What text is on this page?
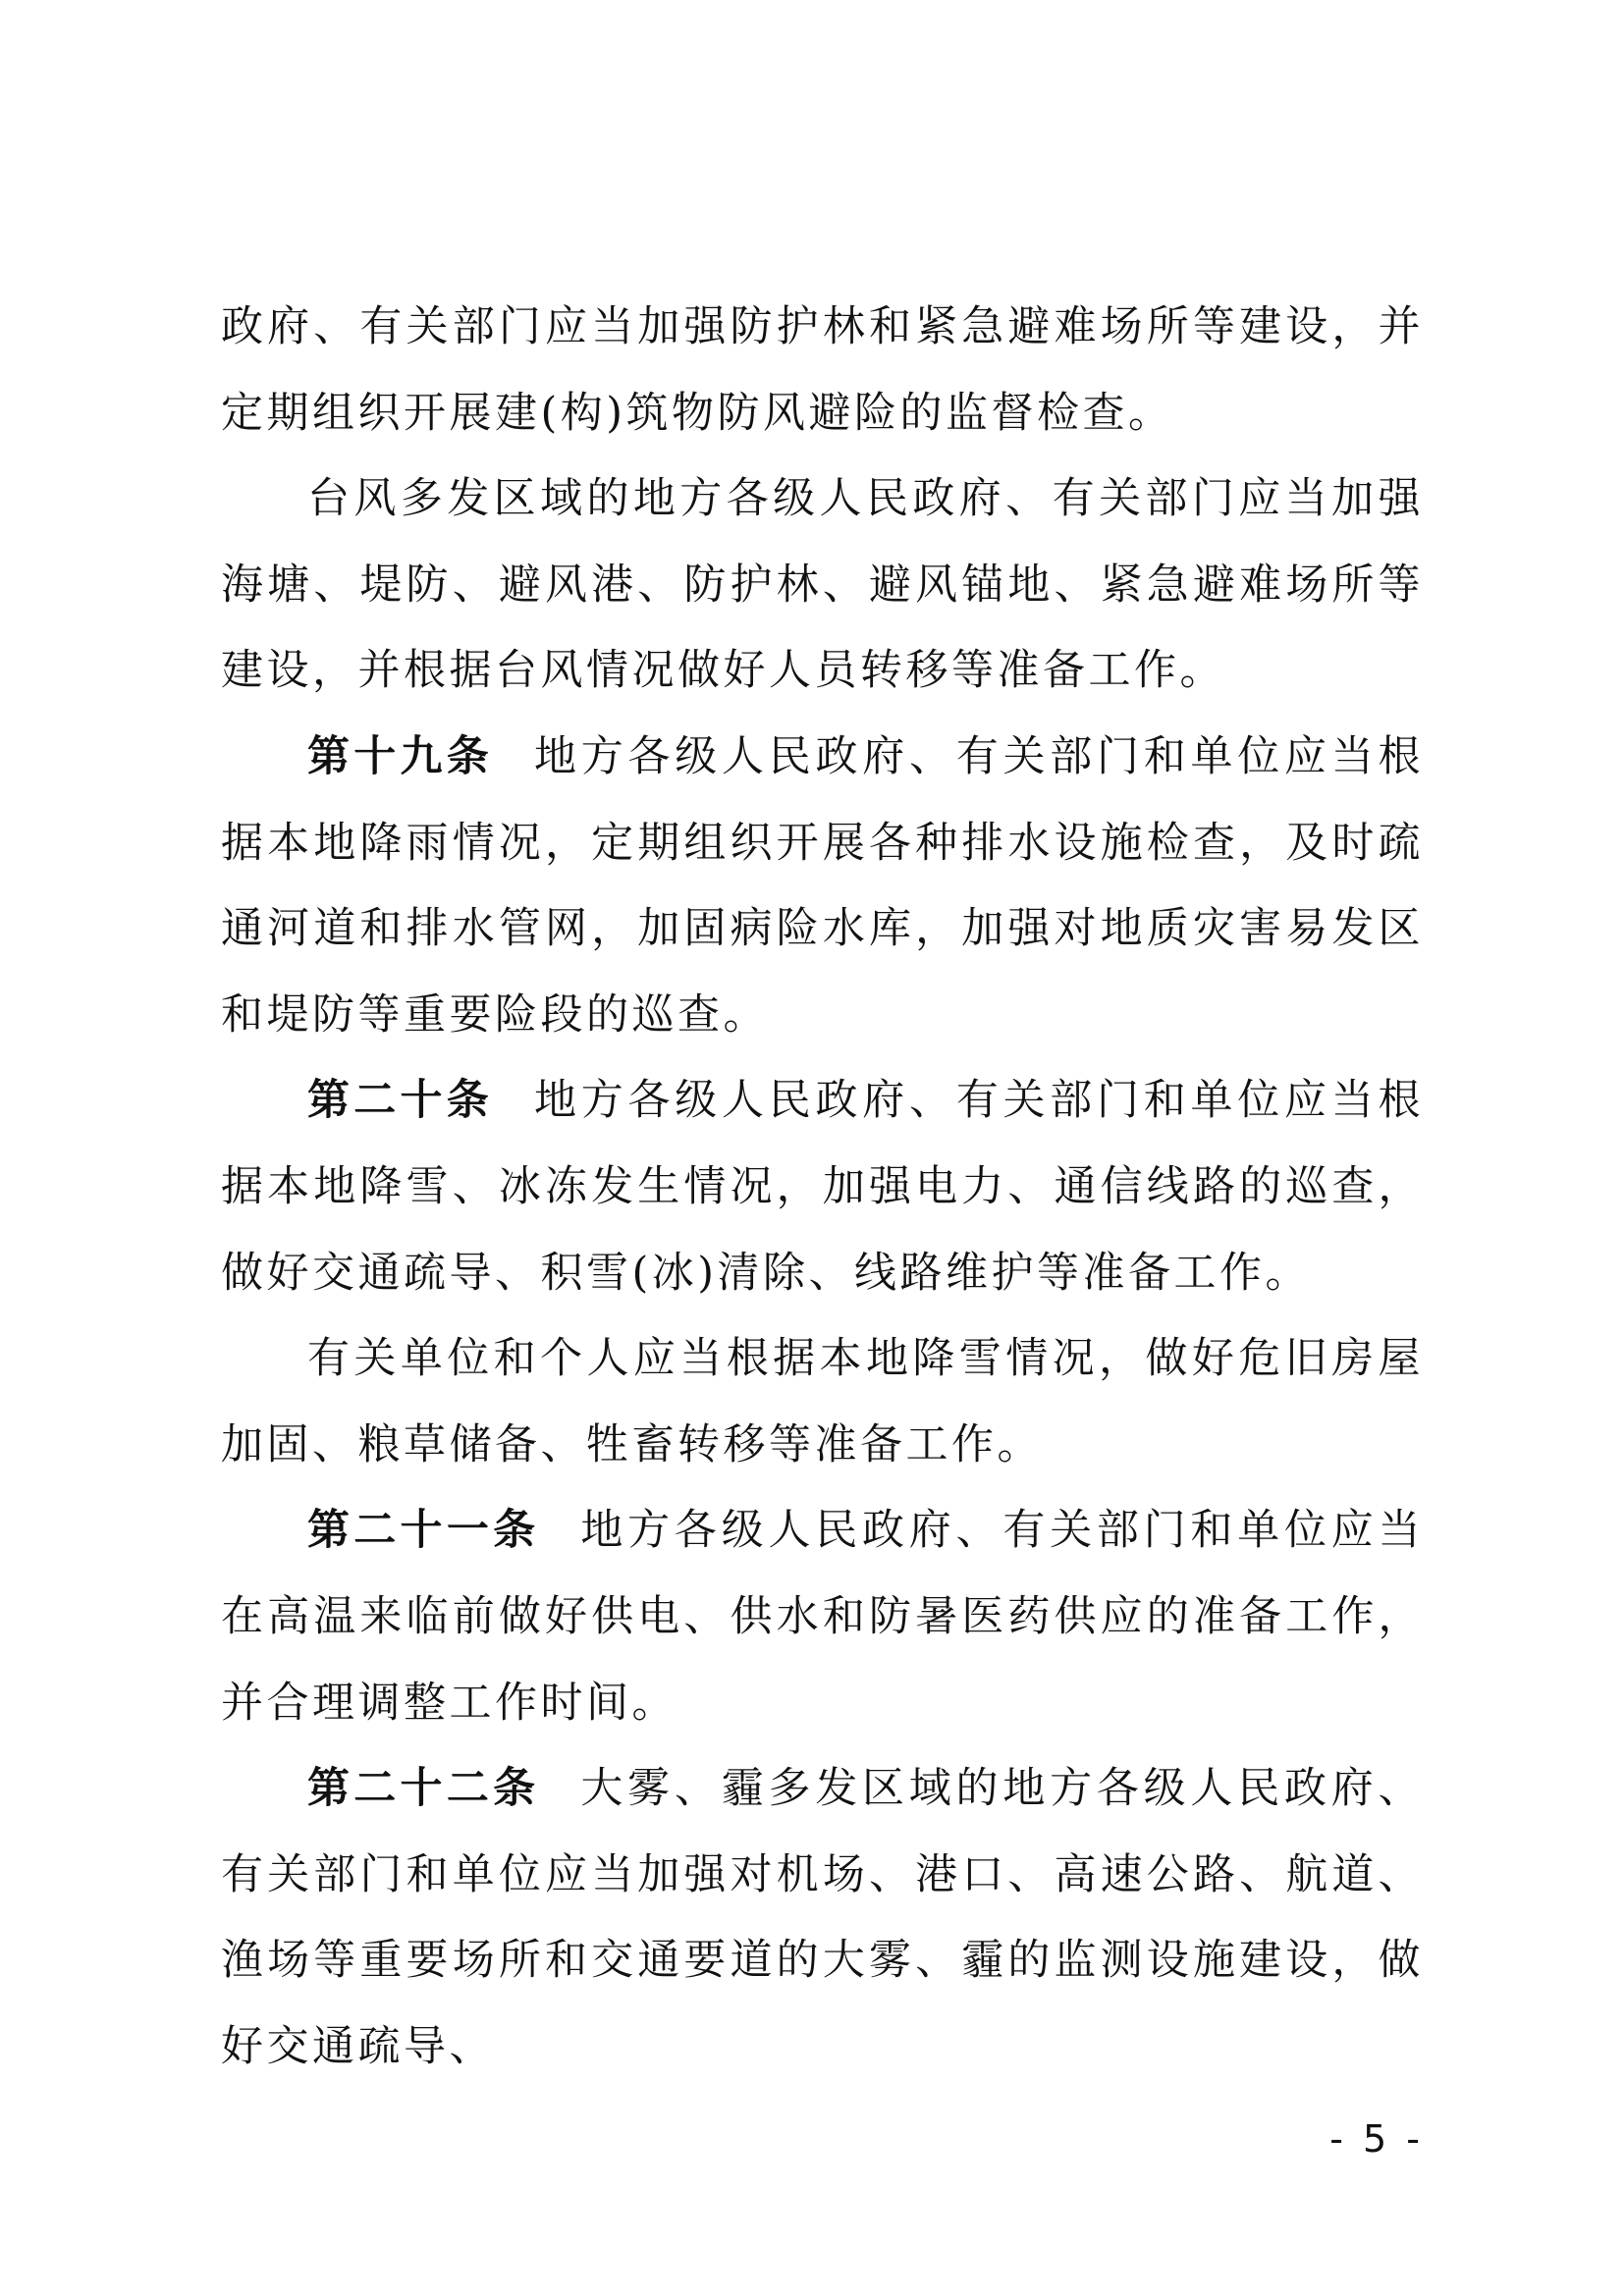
政府、有关部门应当加强防护林和紧急避难场所等建设，并定期组织开展建(构)筑物防风避险的监督检查。

台风多发区域的地方各级人民政府、有关部门应当加强海塘、堤防、避风港、防护林、避风锚地、紧急避难场所等建设，并根据台风情况做好人员转移等准备工作。

第十九条 地方各级人民政府、有关部门和单位应当根据本地降雨情况，定期组织开展各种排水设施检查，及时疏通河道和排水管网，加固病险水库，加强对地质灾害易发区和堤防等重要险段的巡查。

第二十条 地方各级人民政府、有关部门和单位应当根据本地降雪、冰冻发生情况，加强电力、通信线路的巡查，做好交通疏导、积雪(冰)清除、线路维护等准备工作。

有关单位和个人应当根据本地降雪情况，做好危旧房屋加固、粮草储备、牲畜转移等准备工作。

第二十一条 地方各级人民政府、有关部门和单位应当在高温来临前做好供电、供水和防暑医药供应的准备工作，并合理调整工作时间。

第二十二条 大雾、霾多发区域的地方各级人民政府、有关部门和单位应当加强对机场、港口、高速公路、航道、渔场等重要场所和交通要道的大雾、霾的监测设施建设，做好交通疏导、

- 5 -
